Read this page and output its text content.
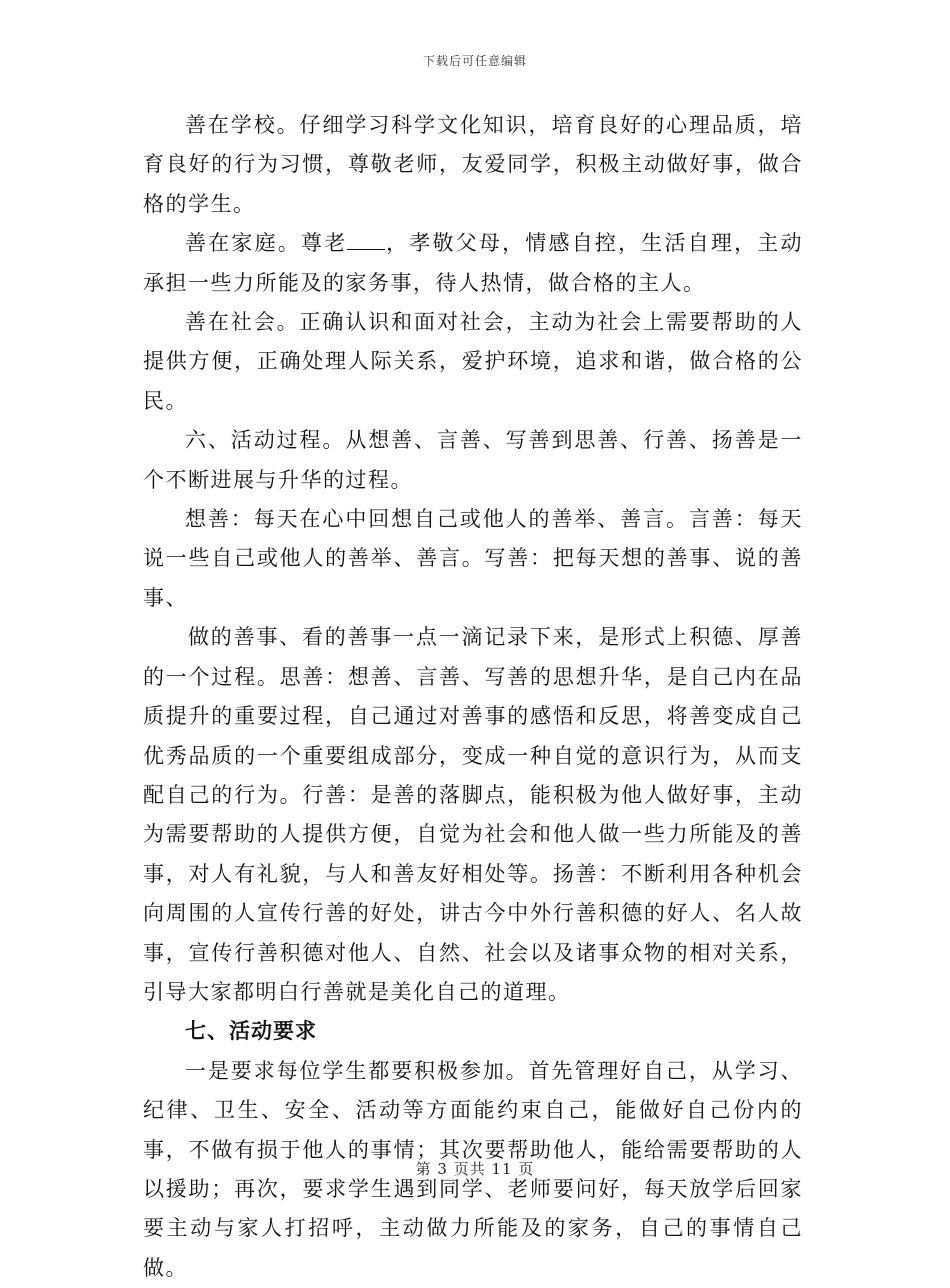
下载后可任意编辑

善在学校。仔细学习科学文化知识，培育良好的心理品质，培育良好的行为习惯，尊敬老师，友爱同学，积极主动做好事，做合格的学生。

善在家庭。尊老 ，孝敬父母，情感自控，生活自理，主动承担一些力所能及的家务事，待人热情，做合格的主人。

善在社会。正确认识和面对社会，主动为社会上需要帮助的人提供方便，正确处理人际关系，爱护环境，追求和谐，做合格的公民。

六、活动过程。从想善、言善、写善到思善、行善、扬善是一个不断进展与升华的过程。

想善：每天在心中回想自己或他人的善举、善言。言善：每天说一些自己或他人的善举、善言。写善：把每天想的善事、说的善事、

做的善事、看的善事一点一滴记录下来，是形式上积德、厚善的一个过程。思善：想善、言善、写善的思想升华，是自己内在品质提升的重要过程，自己通过对善事的感悟和反思，将善变成自己优秀品质的一个重要组成部分，变成一种自觉的意识行为，从而支配自己的行为。行善：是善的落脚点，能积极为他人做好事，主动为需要帮助的人提供方便，自觉为社会和他人做一些力所能及的善事，对人有礼貌，与人和善友好相处等。扬善：不断利用各种机会向周围的人宣传行善的好处，讲古今中外行善积德的好人、名人故事，宣传行善积德对他人、自然、社会以及诸事众物的相对关系，引导大家都明白行善就是美化自己的道理。

七、活动要求

一是要求每位学生都要积极参加。首先管理好自己，从学习、纪律、卫生、安全、活动等方面能约束自己，能做好自己份内的事，不做有损于他人的事情；其次要帮助他人，能给需要帮助的人以援助；再次，要求学生遇到同学、老师要问好，每天放学后回家要主动与家人打招呼，主动做力所能及的家务，自己的事情自己做。

第 3 页共 11 页
